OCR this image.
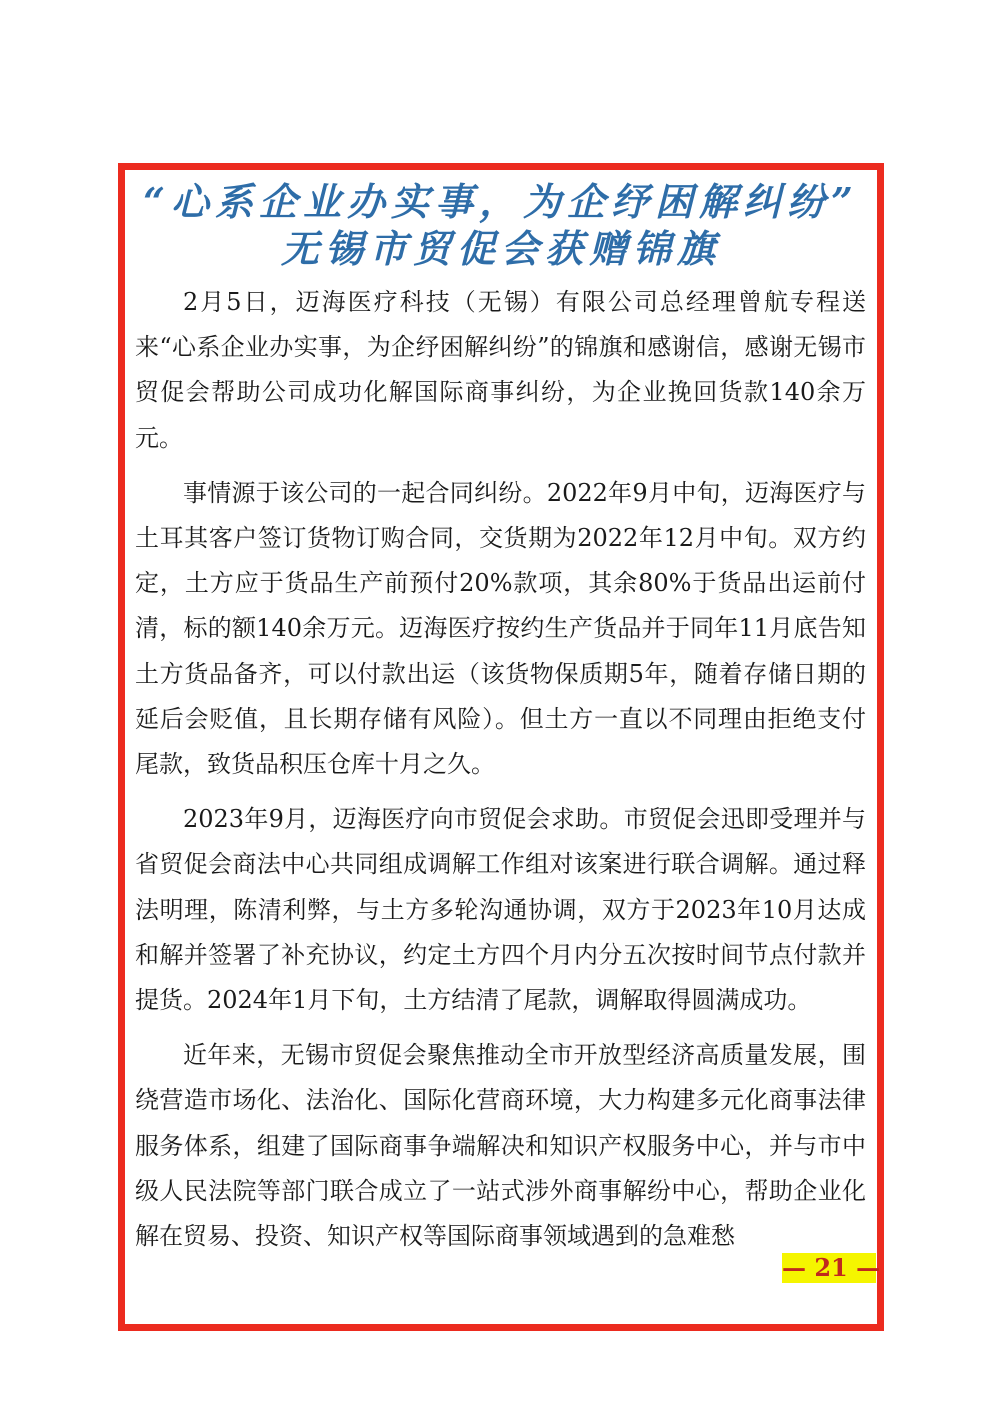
“心系企业办实事，为企纾困解纠纷”
无锡市贸促会获赠锦旗

2月5日，迈海医疗科技（无锡）有限公司总经理曾航专程送来“心系企业办实事，为企纾困解纠纷”的锦旗和感谢信，感谢无锡市贸促会帮助公司成功化解国际商事纠纷，为企业挽回货款140余万元。

事情源于该公司的一起合同纠纷。2022年9月中旬，迈海医疗与土耳其客户签订货物订购合同，交货期为2022年12月中旬。双方约定，土方应于货品生产前预付20%款项，其余80%于货品出运前付清，标的额140余万元。迈海医疗按约生产货品并于同年11月底告知土方货品备齐，可以付款出运（该货物保质期5年，随着存储日期的延后会贬值，且长期存储有风险）。但土方一直以不同理由拒绝支付尾款，致货品积压仓库十月之久。

2023年9月，迈海医疗向市贸促会求助。市贸促会迅即受理并与省贸促会商法中心共同组成调解工作组对该案进行联合调解。通过释法明理，陈清利弊，与土方多轮沟通协调，双方于2023年10月达成和解并签署了补充协议，约定土方四个月内分五次按时间节点付款并提货。2024年1月下旬，土方结清了尾款，调解取得圆满成功。

近年来，无锡市贸促会聚焦推动全市开放型经济高质量发展，围绕营造市场化、法治化、国际化营商环境，大力构建多元化商事法律服务体系，组建了国际商事争端解决和知识产权服务中心，并与市中级人民法院等部门联合成立了一站式涉外商事解纷中心，帮助企业化解在贸易、投资、知识产权等国际商事领域遇到的急难愁

— 21 —
